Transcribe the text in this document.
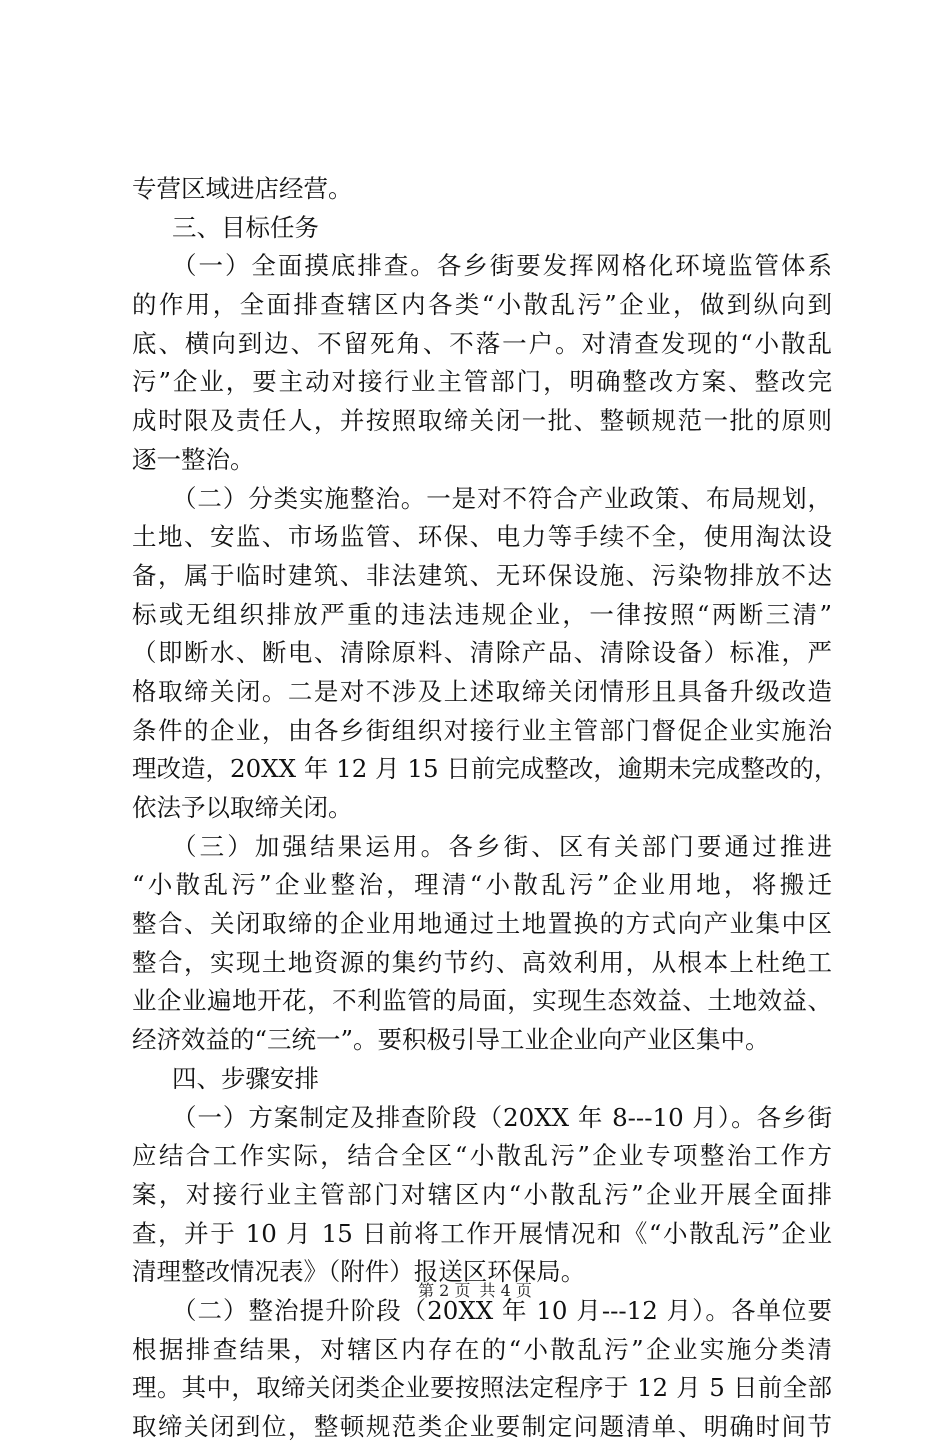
专营区域进店经营。
三、目标任务
（一）全面摸底排查。各乡街要发挥网格化环境监管体系
的作用，全面排查辖区内各类“小散乱污”企业，做到纵向到
底、横向到边、不留死角、不落一户。对清查发现的“小散乱
污”企业，要主动对接行业主管部门，明确整改方案、整改完
成时限及责任人，并按照取缔关闭一批、整顿规范一批的原则
逐一整治。
（二）分类实施整治。一是对不符合产业政策、布局规划，
土地、安监、市场监管、环保、电力等手续不全，使用淘汰设
备，属于临时建筑、非法建筑、无环保设施、污染物排放不达
标或无组织排放严重的违法违规企业，一律按照“两断三清”
（即断水、断电、清除原料、清除产品、清除设备）标准，严
格取缔关闭。二是对不涉及上述取缔关闭情形且具备升级改造
条件的企业，由各乡街组织对接行业主管部门督促企业实施治
理改造，20XX 年 12 月 15 日前完成整改，逾期未完成整改的，
依法予以取缔关闭。
（三）加强结果运用。各乡街、区有关部门要通过推进
“小散乱污”企业整治，理清“小散乱污”企业用地，将搬迁
整合、关闭取缔的企业用地通过土地置换的方式向产业集中区
整合，实现土地资源的集约节约、高效利用，从根本上杜绝工
业企业遍地开花，不利监管的局面，实现生态效益、土地效益、
经济效益的“三统一”。要积极引导工业企业向产业区集中。
四、步骤安排
（一）方案制定及排查阶段（20XX 年 8---10 月）。各乡街
应结合工作实际，结合全区“小散乱污”企业专项整治工作方
案，对接行业主管部门对辖区内“小散乱污”企业开展全面排
查，并于 10 月 15 日前将工作开展情况和《“小散乱污”企业
清理整改情况表》（附件）报送区环保局。
（二）整治提升阶段（20XX 年 10 月---12 月）。各单位要
根据排查结果，对辖区内存在的“小散乱污”企业实施分类清
理。其中，取缔关闭类企业要按照法定程序于 12 月 5 日前全部
取缔关闭到位，整顿规范类企业要制定问题清单、明确时间节
第 2 页 共 4 页
